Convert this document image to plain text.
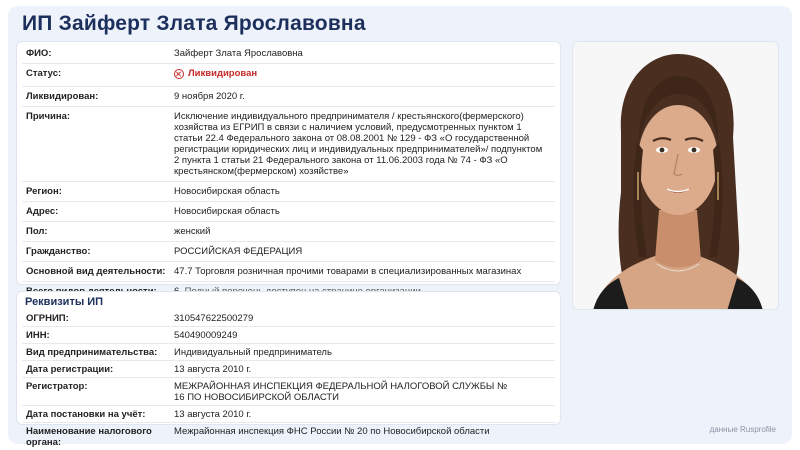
ИП Зайферт Злата Ярославовна
ФИО:	Зайферт Злата Ярославовна
Статус:	Ликвидирован

Ликвидирован:	9 ноября 2020 г.
Причина:	Исключение индивидуального предпринимателя / крестьянского(фермерского) хозяйства из ЕГРИП в связи с наличием условий, предусмотренных пунктом 1 статьи 22.4 Федерального закона от 08.08.2001 № 129 - ФЗ «О государственной регистрации юридических лиц и индивидуальных предпринимателей»/ подпунктом 2 пункта 1 статьи 21 Федерального закона от 11.06.2003 года № 74 - ФЗ «О крестьянском(фермерском) хозяйстве»
Регион:	Новосибирская область
Адрес:	Новосибирская область
Пол:	женский
Гражданство:	РОССИЙСКАЯ ФЕДЕРАЦИЯ
Основной вид деятельности:	47.7 Торговля розничная прочими товарами в специализированных магазинах

Реквизиты ИП
ОГРНИП:	310547622500279
ИНН:	540490009249
Вид предпринимательства:	Индивидуальный предприниматель
Дата регистрации:	13 августа 2010 г.
Регистратор:	МЕЖРАЙОННАЯ ИНСПЕКЦИЯ ФЕДЕРАЛЬНОЙ НАЛОГОВОЙ СЛУЖБЫ № 16 ПО НОВОСИБИРСКОЙ ОБЛАСТИ
Дата постановки на учёт:	13 августа 2010 г.
Наименование налогового органа:	Межрайонная инспекция ФНС России № 20 по Новосибирской области	данные Rusprofile
